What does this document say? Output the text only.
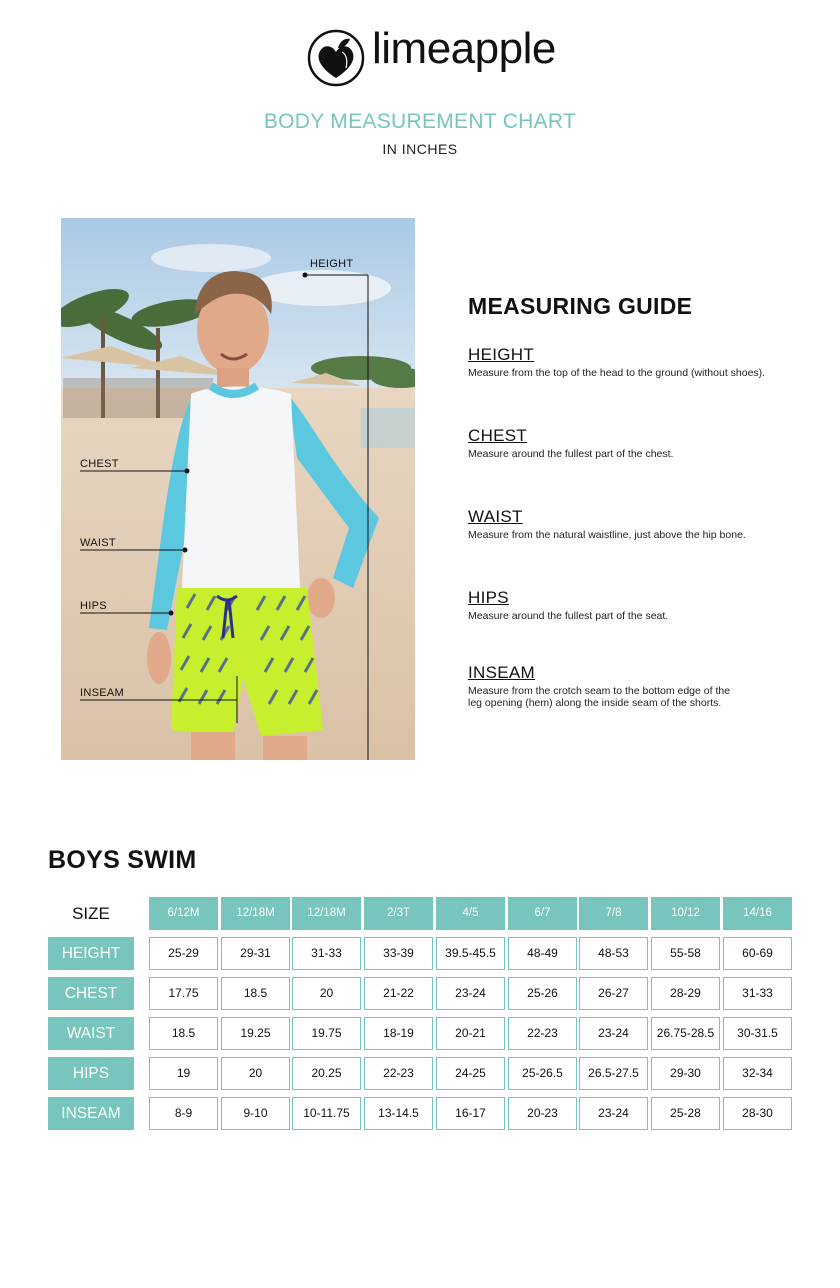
limeapple
BODY MEASUREMENT CHART
IN INCHES
HEIGHT
CHEST
WAIST
HIPS
INSEAM
MEASURING GUIDE
HEIGHT
Measure from the top of the head to the ground (without shoes).
CHEST
Measure around the fullest part of the chest.
WAIST
Measure from the natural waistline, just above the hip bone.
HIPS
Measure around the fullest part of the seat.
INSEAM
Measure from the crotch seam to the bottom edge of the
leg opening (hem) along the inside seam of the shorts.
BOYS SWIM
SIZE	6/12M	12/18M	12/18M	2/3T	4/5	6/7	7/8	10/12	14/16
HEIGHT	25-29	29-31	31-33	33-39	39.5-45.5	48-49	48-53	55-58	60-69
CHEST	17.75	18.5	20	21-22	23-24	25-26	26-27	28-29	31-33
WAIST	18.5	19.25	19.75	18-19	20-21	22-23	23-24	26.75-28.5	30-31.5
HIPS	19	20	20.25	22-23	24-25	25-26.5	26.5-27.5	29-30	32-34
INSEAM	8-9	9-10	10-11.75	13-14.5	16-17	20-23	23-24	25-28	28-30
